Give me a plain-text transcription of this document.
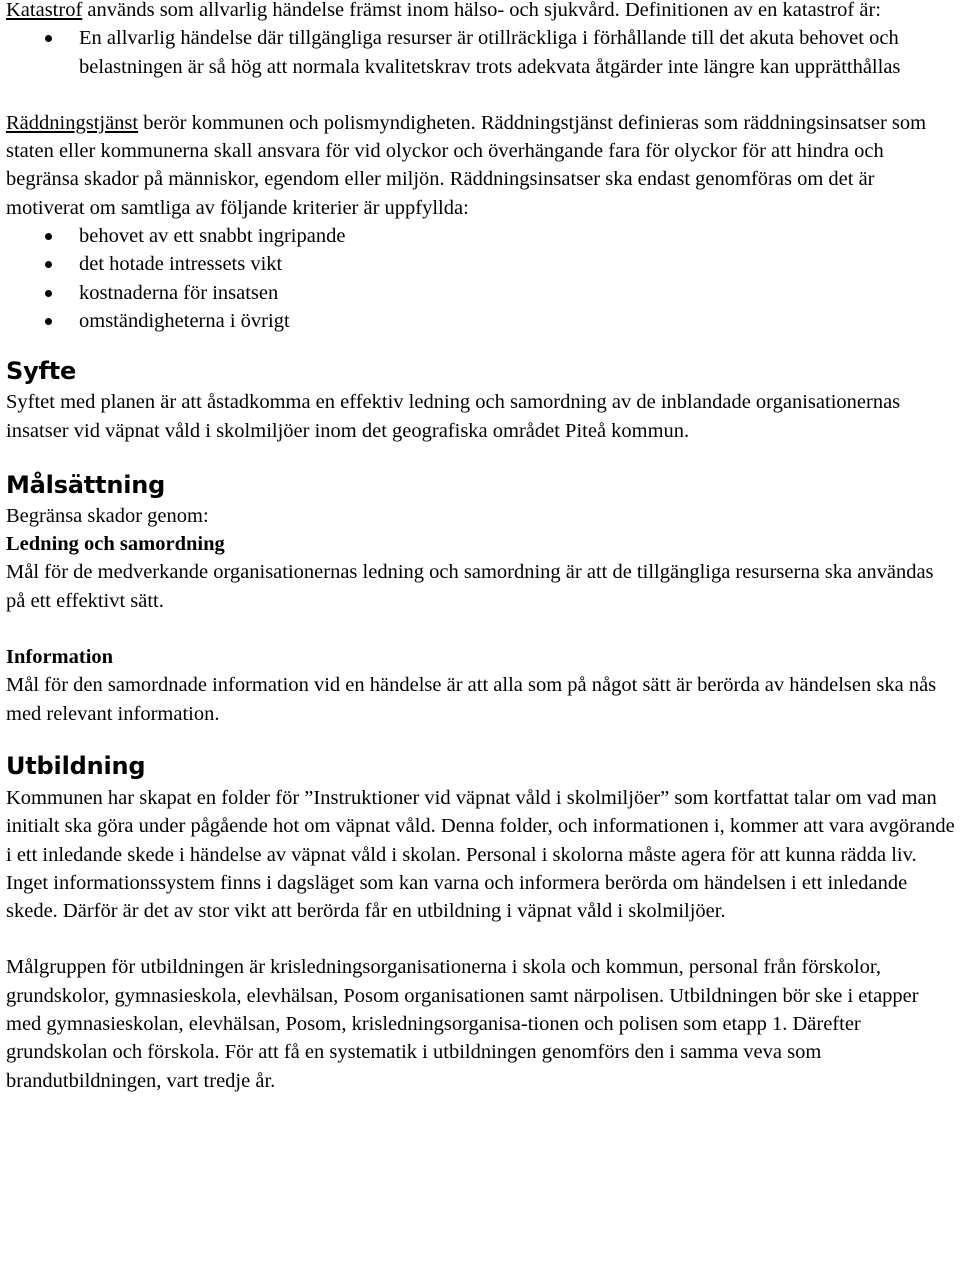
Katastrof används som allvarlig händelse främst inom hälso- och sjukvård. Definitionen av en katastrof är:

En allvarlig händelse där tillgängliga resurser är otillräckliga i förhållande till det akuta behovet och belastningen är så hög att normala kvalitetskrav trots adekvata åtgärder inte längre kan upprätthållas

Räddningstjänst berör kommunen och polismyndigheten. Räddningstjänst definieras som räddningsinsatser som staten eller kommunerna skall ansvara för vid olyckor och överhängande fara för olyckor för att hindra och begränsa skador på människor, egendom eller miljön. Räddningsinsatser ska endast genomföras om det är motiverat om samtliga av följande kriterier är uppfyllda:

behovet av ett snabbt ingripande
det hotade intressets vikt
kostnaderna för insatsen
omständigheterna i övrigt
Syfte

Syftet med planen är att åstadkomma en effektiv ledning och samordning av de inblandade organisationernas insatser vid väpnat våld i skolmiljöer inom det geografiska området Piteå kommun.

Målsättning

Begränsa skador genom:

Ledning och samordning

Mål för de medverkande organisationernas ledning och samordning är att de tillgängliga resurserna ska användas på ett effektivt sätt.

Information

Mål för den samordnade information vid en händelse är att alla som på något sätt är berörda av händelsen ska nås med relevant information.

Utbildning

Kommunen har skapat en folder för ”Instruktioner vid väpnat våld i skolmiljöer” som kortfattat talar om vad man initialt ska göra under pågående hot om väpnat våld. Denna folder, och informationen i, kommer att vara avgörande i ett inledande skede i händelse av väpnat våld i skolan. Personal i skolorna måste agera för att kunna rädda liv. Inget informationssystem finns i dagsläget som kan varna och informera berörda om händelsen i ett inledande skede. Därför är det av stor vikt att berörda får en utbildning i väpnat våld i skolmiljöer.

Målgruppen för utbildningen är krisledningsorganisationerna i skola och kommun, personal från förskolor, grundskolor, gymnasieskola, elevhälsan, Posom organisationen samt närpolisen. Utbildningen bör ske i etapper med gymnasieskolan, elevhälsan, Posom, krisledningsorganisa-tionen och polisen som etapp 1. Därefter grundskolan och förskola. För att få en systematik i utbildningen genomförs den i samma veva som brandutbildningen, vart tredje år.
